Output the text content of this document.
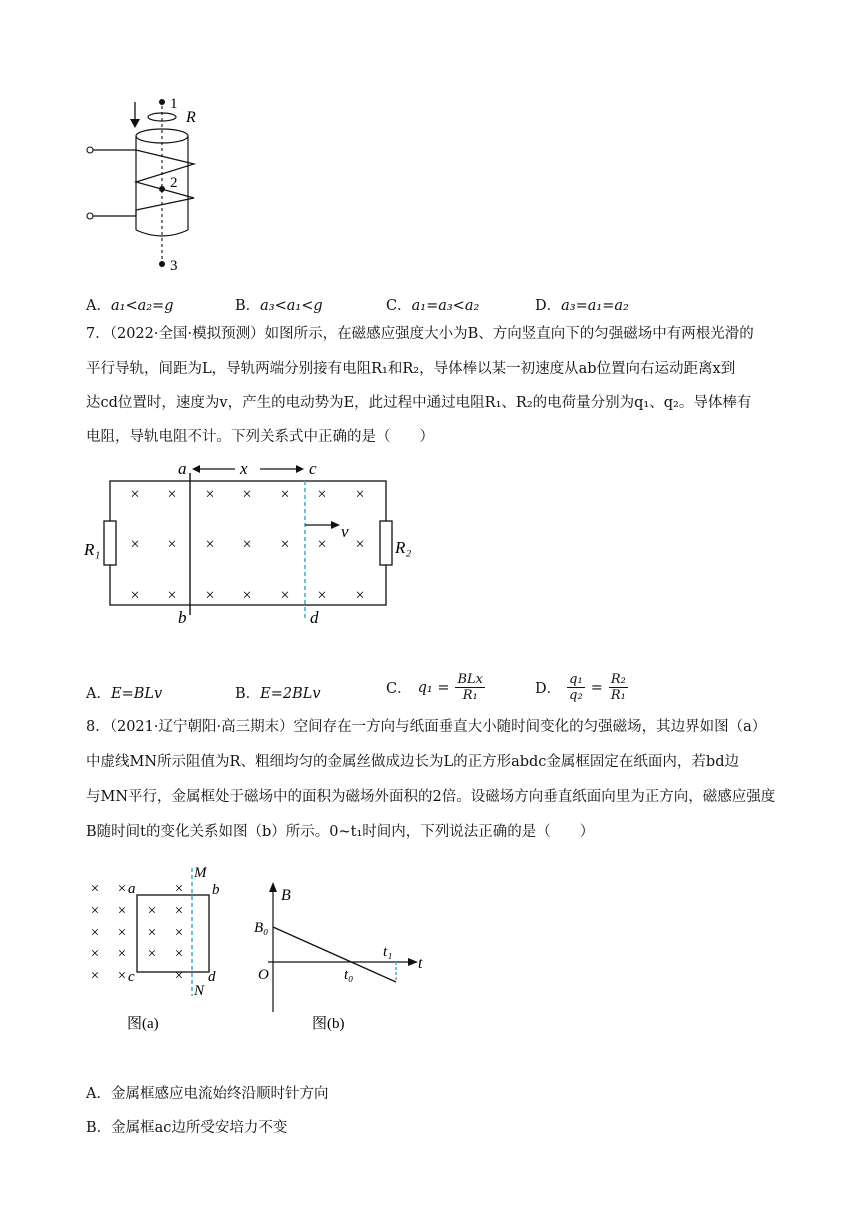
1
2
3
R
A．a₁<a₂=g	B．a₃<a₁<g	C．a₁=a₃<a₂	D．a₃=a₁=a₂
7．（2022·全国·模拟预测）如图所示，在磁感应强度大小为B、方向竖直向下的匀强磁场中有两根光滑的
平行导轨，间距为L，导轨两端分别接有电阻R₁和R₂，导体棒以某一初速度从ab位置向右运动距离x到
达cd位置时，速度为v，产生的电动势为E，此过程中通过电阻R₁、R₂的电荷量分别为q₁、q₂。导体棒有
电阻，导轨电阻不计。下列关系式中正确的是（　　）
× × × × × × ×
× × × × × × ×
× × × × × × ×
a	x	c
b	d
v
R₁	R₂
A．E=BLv	B．E=2BLv	C． q₁ = BLx
R₁	D． $\frac{\text{q₁}}{\text{q₂}} = \frac{\text{R₂}}{\text{R₁}}$
8．（2021·辽宁朝阳·高三期末）空间存在一方向与纸面垂直大小随时间变化的匀强磁场，其边界如图（a）
中虚线MN所示阻值为R、粗细均匀的金属丝做成边长为L的正方形abdc金属框固定在纸面内，若bd边
与MN平行，金属框处于磁场中的面积为磁场外面积的2倍。设磁场方向垂直纸面向里为正方向，磁感应强度
B随时间t的变化关系如图（b）所示。0~t₁时间内，下列说法正确的是（　　）
× ×	×
× × × ×
× × × ×
× × × ×
× ×	×
M
N
a	b
c	d
图(a)
B
B₀
O
t
t₀
t₁
图(b)
A．金属框感应电流始终沿顺时针方向
B．金属框ac边所受安培力不变
